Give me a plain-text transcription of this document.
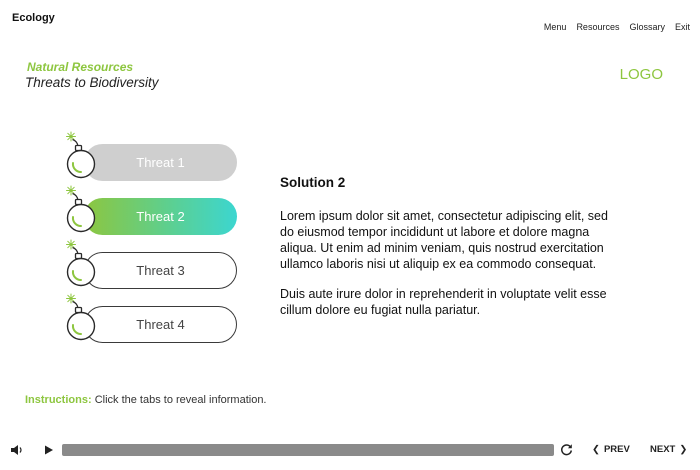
Ecology
Menu Resources Glossary Exit
Natural Resources
Threats to Biodiversity	LOGO
Threat 1
Threat 2
Threat 3
Threat 4
Solution 2

Lorem ipsum dolor sit amet, consectetur adipiscing elit, sed do eiusmod tempor incididunt ut labore et dolore magna aliqua. Ut enim ad minim veniam, quis nostrud exercitation ullamco laboris nisi ut aliquip ex ea commodo consequat.

Duis aute irure dolor in reprehenderit in voluptate velit esse cillum dolore eu fugiat nulla pariatur.

Instructions: Click the tabs to reveal information.
❮ PREV NEXT ❯
